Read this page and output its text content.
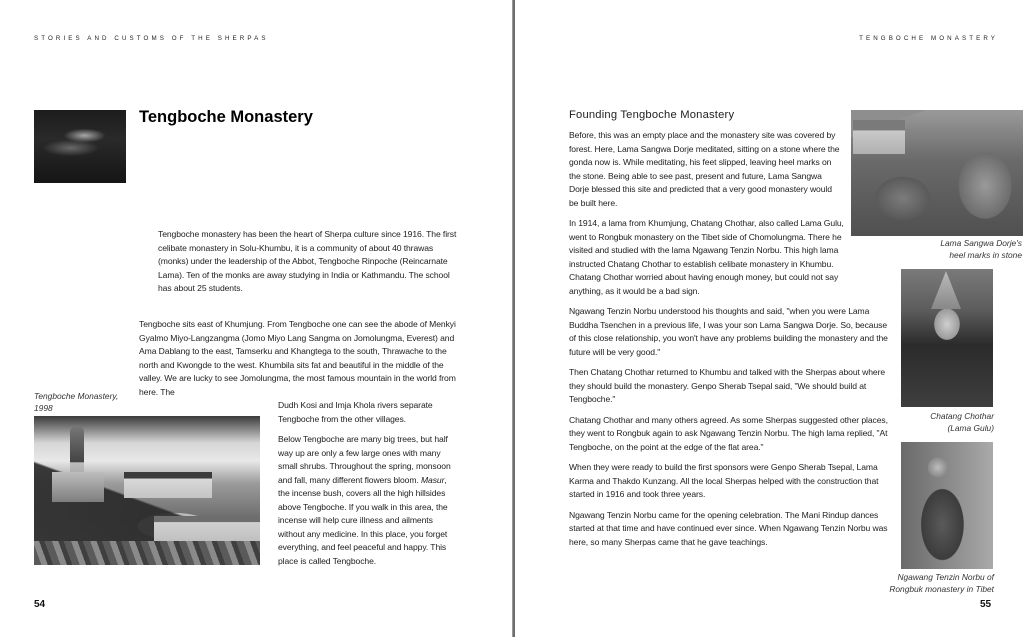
STORIES AND CUSTOMS OF THE SHERPAS
Tengboche Monastery

Tengboche monastery has been the heart of Sherpa culture since 1916. The first celibate monastery in Solu-Khumbu, it is a community of about 40 thrawas (monks) under the leadership of the Abbot, Tengboche Rinpoche (Reincarnate Lama). Ten of the monks are away studying in India or Kathmandu. The school has about 25 students.

Tengboche sits east of Khumjung. From Tengboche one can see the abode of Menkyi Gyalmo Miyo-Langzangma (Jomo Miyo Lang Sangma on Jomolungma, Everest) and Ama Dablang to the east, Tamserku and Khangtega to the south, Thrawache to the north and Kwongde to the west. Khumbila sits fat and beautiful in the middle of the valley. We are lucky to see Jomolungma, the most famous mountain in the world from here. The

Dudh Kosi and Imja Khola rivers separate Tengboche from the other villages.

Below Tengboche are many big trees, but half way up are only a few large ones with many small shrubs. Throughout the spring, monsoon and fall, many different flowers bloom. Masur, the incense bush, covers all the high hillsides above Tengboche. If you walk in this area, the incense will help cure illness and ailments without any medicine. In this place, you forget everything, and feel peaceful and happy. This place is called Tengboche.

Tengboche Monastery, 1998
54
TENGBOCHE MONASTERY
Founding Tengboche Monastery

Before, this was an empty place and the monastery site was covered by forest. Here, Lama Sangwa Dorje meditated, sitting on a stone where the gonda now is. While meditating, his feet slipped, leaving heel marks on the stone. Being able to see past, present and future, Lama Sangwa Dorje blessed this site and predicted that a very good monastery would be built here.

In 1914, a lama from Khumjung, Chatang Chothar, also called Lama Gulu, went to Rongbuk monastery on the Tibet side of Chomolungma. There he visited and studied with the lama Ngawang Tenzin Norbu. This high lama instructed Chatang Chothar to establish celibate monastery in Khumbu. Chatang Chothar worried about having enough money, but could not say anything, as it would be a bad sign.

Ngawang Tenzin Norbu understood his thoughts and said, "when you were Lama Buddha Tsenchen in a previous life, I was your son Lama Sangwa Dorje. So, because of this close relationship, you won't have any problems building the monastery and the future will be very good."

Then Chatang Chothar returned to Khumbu and talked with the Sherpas about where they should build the monastery. Genpo Sherab Tsepal said, "We should build at Tengboche."

Chatang Chothar and many others agreed. As some Sherpas suggested other places, they went to Rongbuk again to ask Ngawang Tenzin Norbu. The high lama replied, "At Tengboche, on the point at the edge of the flat area."

When they were ready to build the first sponsors were Genpo Sherab Tsepal, Lama Karma and Thakdo Kunzang. All the local Sherpas helped with the construction that started in 1916 and took three years.

Ngawang Tenzin Norbu came for the opening celebration. The Mani Rindup dances started at that time and have continued ever since. When Ngawang Tenzin Norbu was here, so many Sherpas came that he gave teachings.

Lama Sangwa Dorje's
heel marks in stone
Chatang Chothar
(Lama Gulu)
Ngawang Tenzin Norbu of
Rongbuk monastery in Tibet
55
